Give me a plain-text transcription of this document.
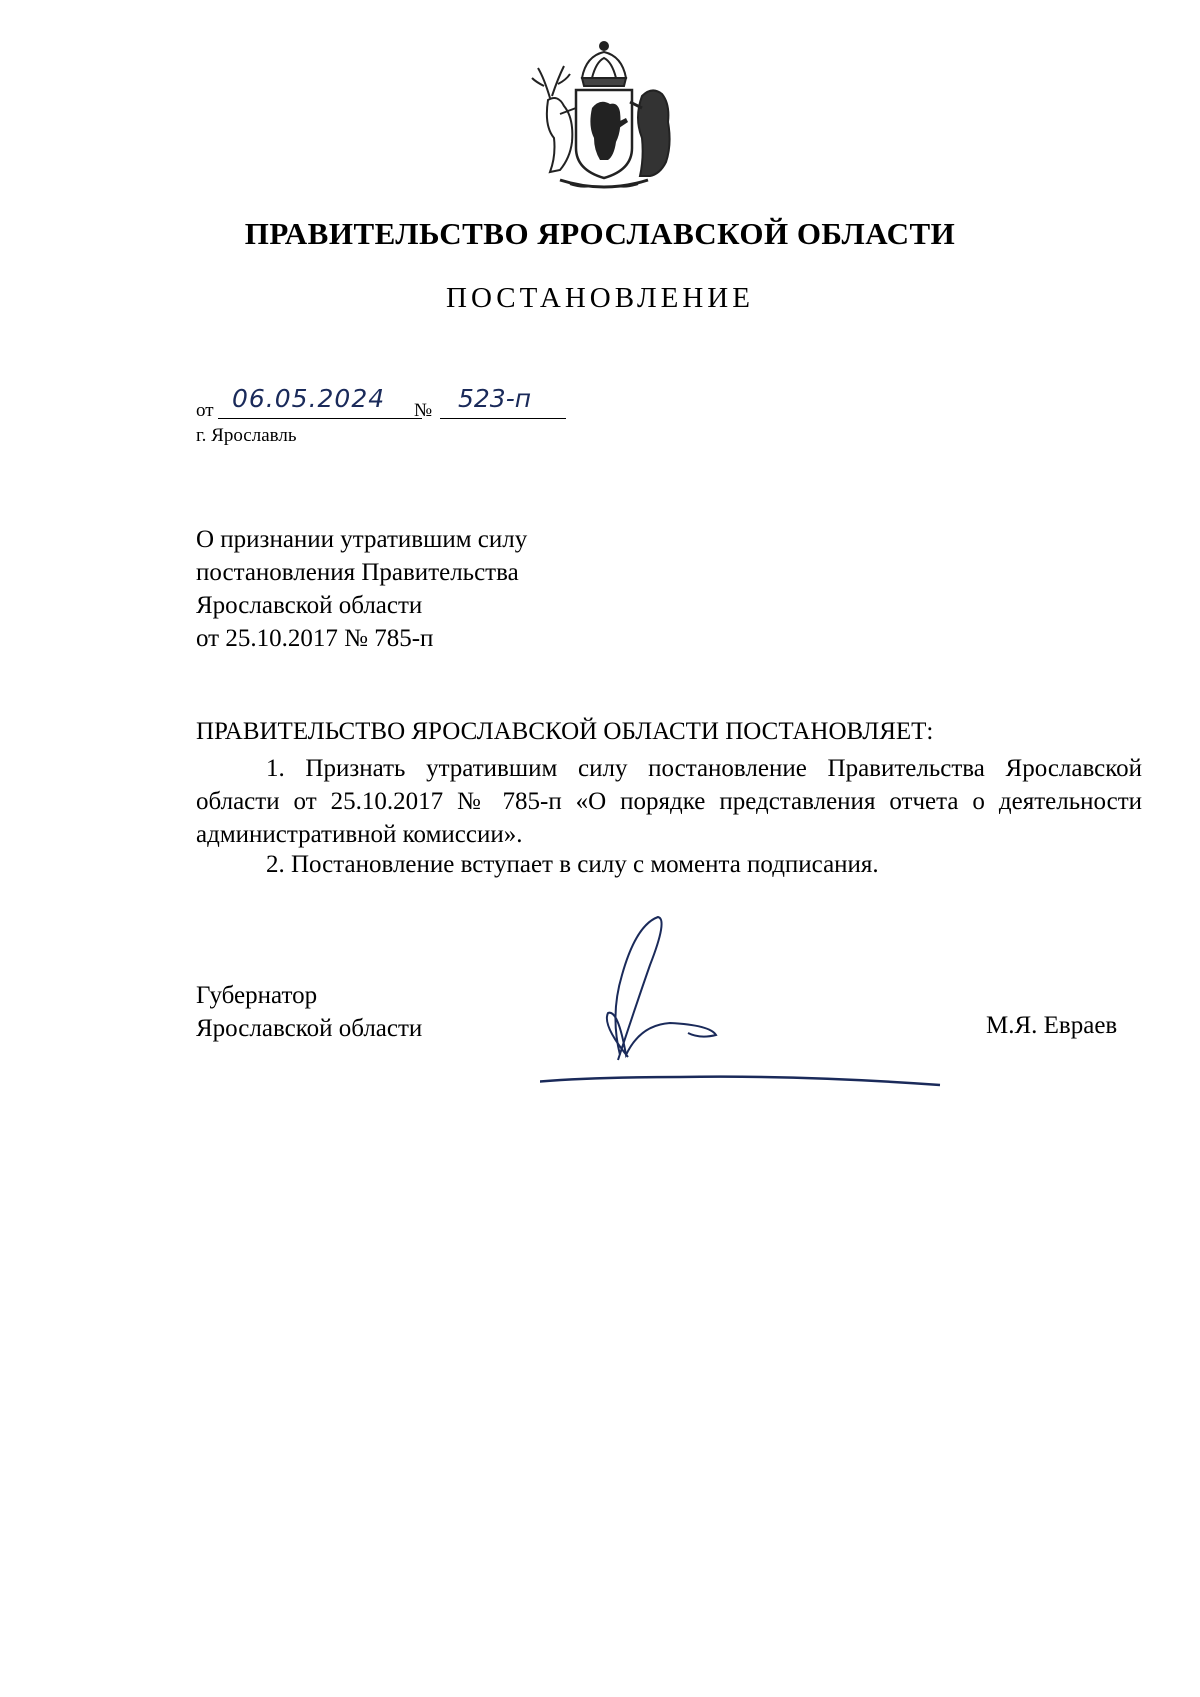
ПРАВИТЕЛЬСТВО ЯРОСЛАВСКОЙ ОБЛАСТИ
ПОСТАНОВЛЕНИЕ
от 06.05.2024	№	523-п
г. Ярославль
О признании утратившим силу
постановления Правительства
Ярославской области
от 25.10.2017 № 785-п
ПРАВИТЕЛЬСТВО ЯРОСЛАВСКОЙ ОБЛАСТИ ПОСТАНОВЛЯЕТ:
1. Признать утратившим силу постановление Правительства Ярославской области от 25.10.2017 № 785-п «О порядке представления отчета о деятельности административной комиссии».
2. Постановление вступает в силу с момента подписания.
Губернатор
Ярославской области	М.Я. Евраев
